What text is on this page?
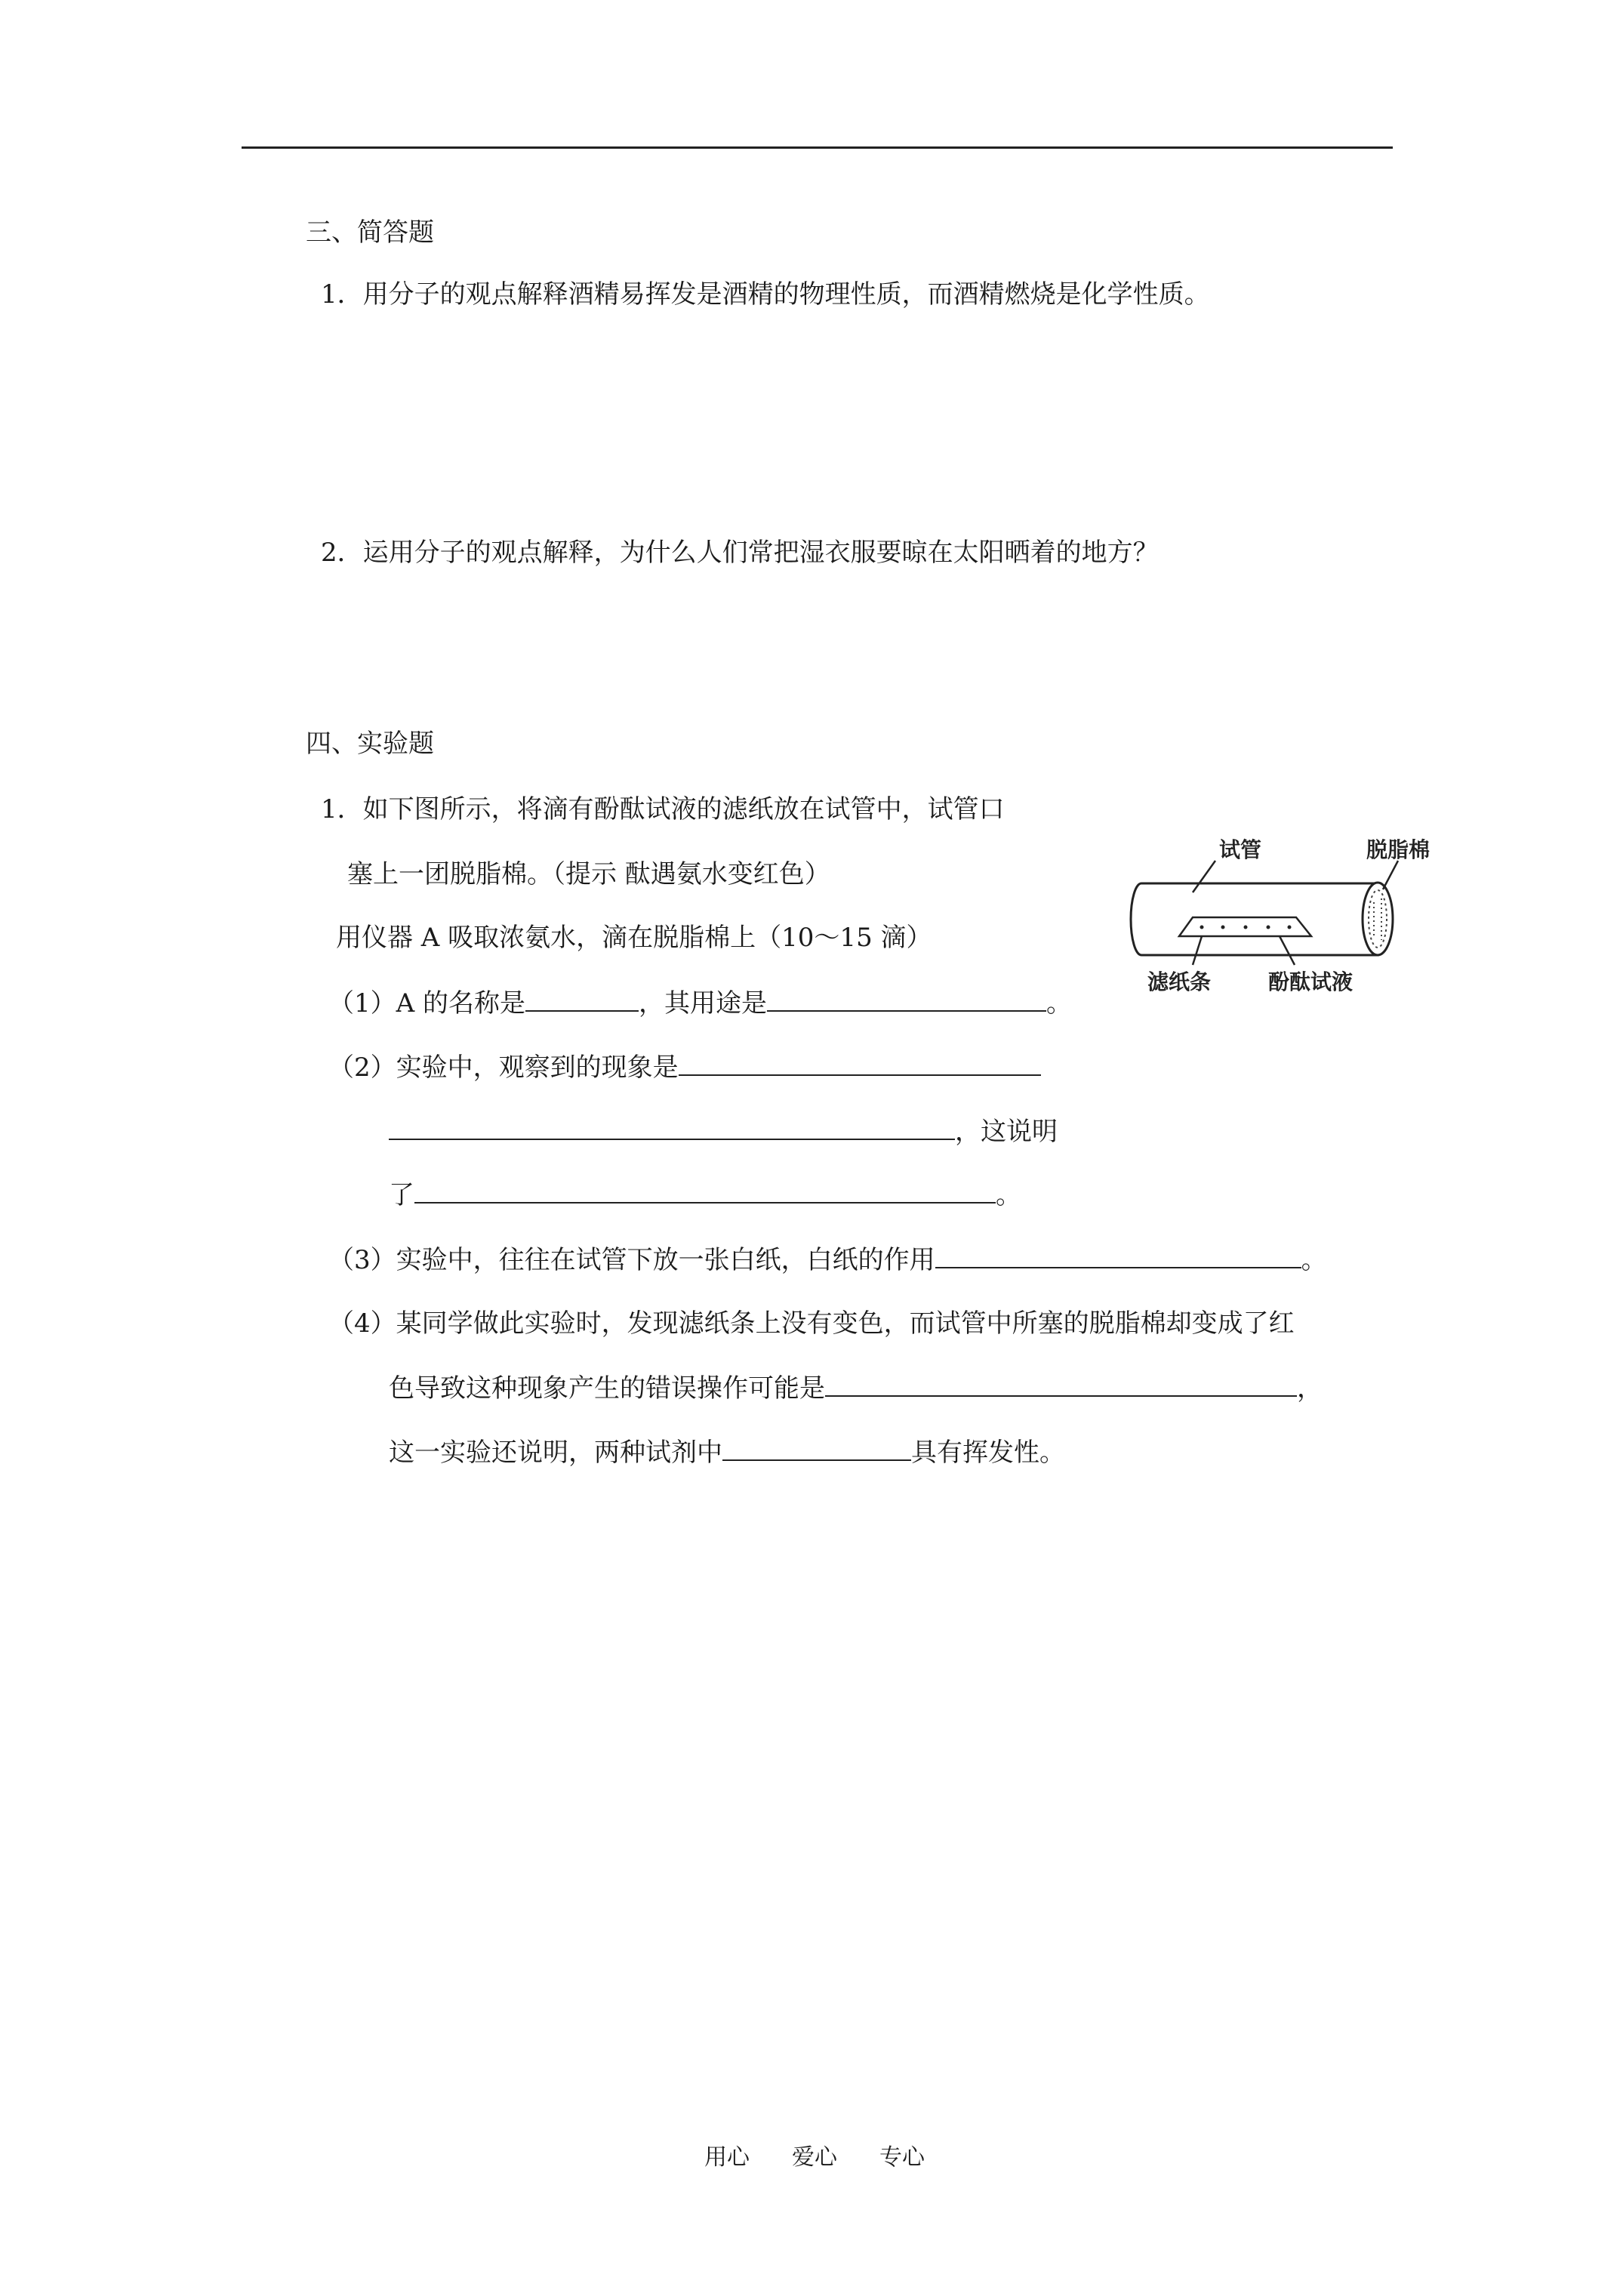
三、简答题
1．用分子的观点解释酒精易挥发是酒精的物理性质，而酒精燃烧是化学性质。
2．运用分子的观点解释，为什么人们常把湿衣服要晾在太阳晒着的地方？
四、实验题
1．如下图所示，将滴有酚酞试液的滤纸放在试管中，试管口
塞上一团脱脂棉。（提示 酞遇氨水变红色）
用仪器 A 吸取浓氨水，滴在脱脂棉上（10～15 滴）
（1）A 的名称是	，其用途是	。
（2）实验中，观察到的现象是
，这说明
了	。
（3）实验中，往往在试管下放一张白纸，白纸的作用	。
（4）某同学做此实验时，发现滤纸条上没有变色，而试管中所塞的脱脂棉却变成了红
色导致这种现象产生的错误操作可能是	，
这一实验还说明，两种试剂中	具有挥发性。
试管	脱脂棉
滤纸条	酚酞试液
用心 爱心 专心
